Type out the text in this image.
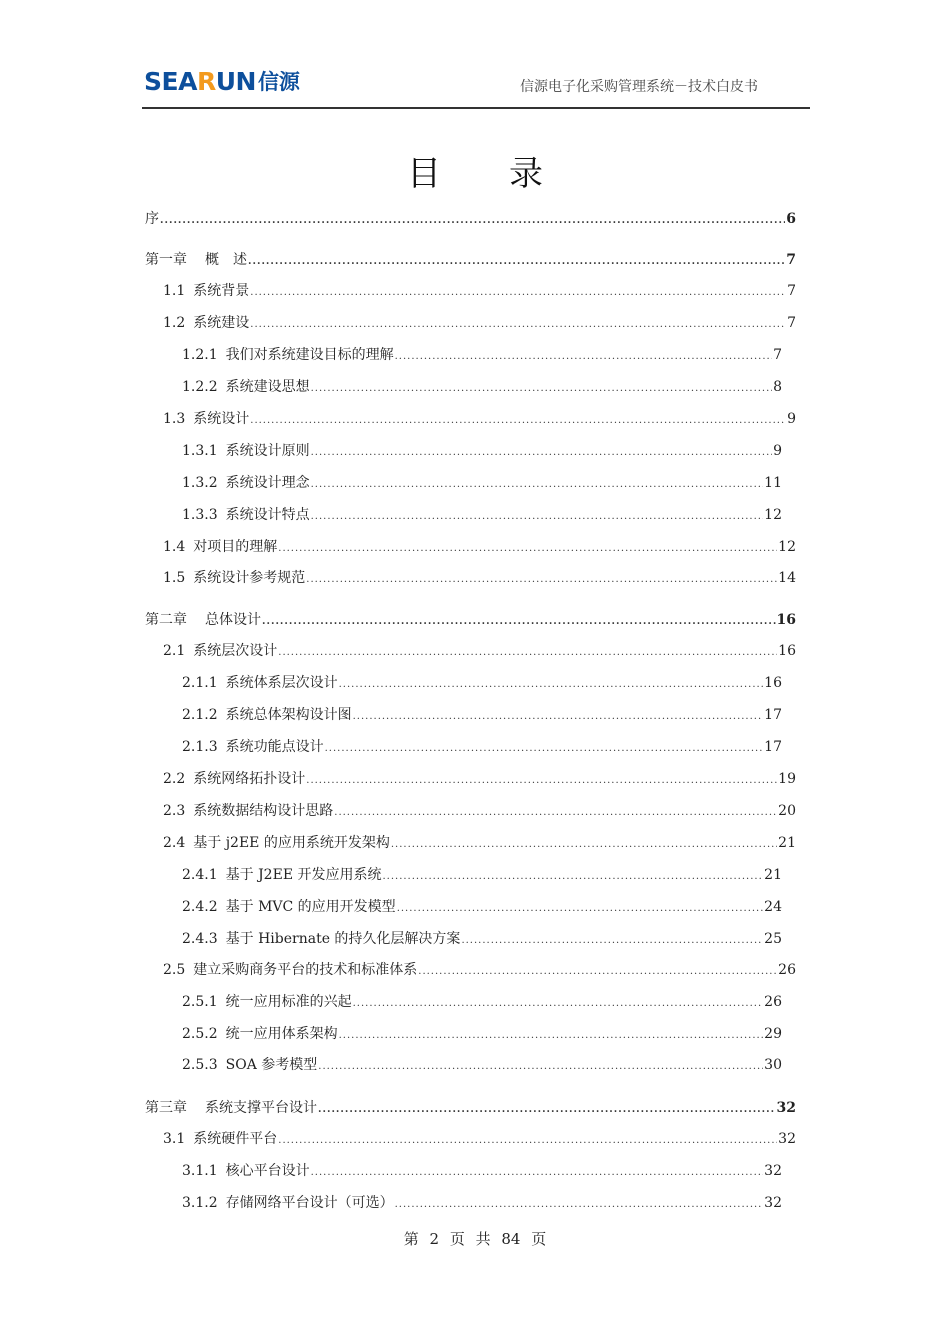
SEARUN 信源	信源电子化采购管理系统－技术白皮书
目录
序 .....	6
第一章 概　述 .....	7
1.1 系统背景 .....	7
1.2 系统建设 .....	7
1.2.1 我们对系统建设目标的理解 .....	7
1.2.2 系统建设思想 .....	8
1.3 系统设计 .....	9
1.3.1 系统设计原则 .....	9
1.3.2 系统设计理念 .....	11
1.3.3 系统设计特点 .....	12
1.4 对项目的理解 .....	12
1.5 系统设计参考规范 .....	14
第二章 总体设计 .....	16
2.1 系统层次设计 .....	16
2.1.1 系统体系层次设计 .....	16
2.1.2 系统总体架构设计图 .....	17
2.1.3 系统功能点设计 .....	17
2.2 系统网络拓扑设计 .....	19
2.3 系统数据结构设计思路 .....	20
2.4 基于 j2EE 的应用系统开发架构 .....	21
2.4.1 基于 J2EE 开发应用系统 .....	21
2.4.2 基于 MVC 的应用开发模型 .....	24
2.4.3 基于 Hibernate 的持久化层解决方案 .....	25
2.5 建立采购商务平台的技术和标准体系 .....	26
2.5.1 统一应用标准的兴起 .....	26
2.5.2 统一应用体系架构 .....	29
2.5.3 SOA 参考模型 .....	30
第三章 系统支撑平台设计 .....	32
3.1 系统硬件平台 .....	32
3.1.1 核心平台设计 .....	32
3.1.2 存储网络平台设计（可选） .....	32
第 2 页 共 84 页
